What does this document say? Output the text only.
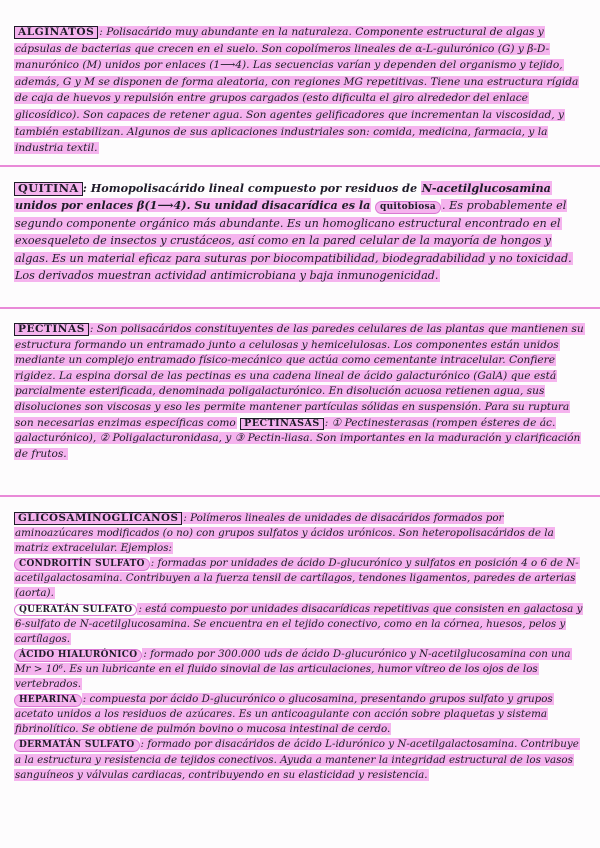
ALGINATOS : Polisacárido muy abundante en la naturaleza. Componente estructural de algas y cápsulas de bacterias que crecen en el suelo. Son copolímeros lineales de α-L-gulurónico (G) y β-D-manurónico (M) unidos por enlaces (1⟶4). Las secuencias varían y dependen del organismo y tejido, además, G y M se disponen de forma aleatoria, con regiones MG repetitivas. Tiene una estructura rígida de caja de huevos y repulsión entre grupos cargados (esto dificulta el giro alrededor del enlace glicosídico). Son capaces de retener agua. Son agentes gelificadores que incrementan la viscosidad, y también estabilizan. Algunos de sus aplicaciones industriales son: comida, medicina, farmacia, y la industria textil.
QUITINA : Homopolisacárido lineal compuesto por residuos de N-acetilglucosamina unidos por enlaces β(1⟶4). Su unidad disacarídica es la quitobiosa . Es probablemente el segundo componente orgánico más abundante. Es un homoglicano estructural encontrado en el exoesqueleto de insectos y crustáceos, así como en la pared celular de la mayoría de hongos y algas. Es un material eficaz para suturas por biocompatibilidad, biodegradabilidad y no toxicidad. Los derivados muestran actividad antimicrobiana y baja inmunogenicidad.
PECTINAS : Son polisacáridos constituyentes de las paredes celulares de las plantas que mantienen su estructura formando un entramado junto a celulosas y hemicelulosas. Los componentes están unidos mediante un complejo entramado físico-mecánico que actúa como cementante intracelular. Confiere rigidez. La espina dorsal de las pectinas es una cadena lineal de ácido galacturónico (GalA) que está parcialmente esterificada, denominada poligalacturónico. En disolución acuosa retienen agua, sus disoluciones son viscosas y eso les permite mantener partículas sólidas en suspensión. Para su ruptura son necesarias enzimas específicas como PECTINASAS : ① Pectinesterasas (rompen ésteres de ác. galacturónico), ② Poligalacturonidasa, y ③ Pectin-liasa. Son importantes en la maduración y clarificación de frutos.
GLICOSAMINOGLICANOS : Polímeros lineales de unidades de disacáridos formados por aminoazúcares modificados (o no) con grupos sulfatos y ácidos urónicos. Son heteropolisacáridos de la matriz extracelular. Ejemplos:
CONDROITÍN SULFATO : formadas por unidades de ácido D-glucurónico y sulfatos en posición 4 o 6 de N-acetilgalactosamina. Contribuyen a la fuerza tensil de cartílagos, tendones ligamentos, paredes de arterias (aorta).
QUERATÁN SULFATO : está compuesto por unidades disacarídicas repetitivas que consisten en galactosa y 6-sulfato de N-acetilglucosamina. Se encuentra en el tejido conectivo, como en la córnea, huesos, pelos y cartílagos.
ÁCIDO HIALURÓNICO : formado por 300.000 uds de ácido D-glucurónico y N-acetilglucosamina con una Mr > 10⁶. Es un lubricante en el fluido sinovial de las articulaciones, humor vítreo de los ojos de los vertebrados.
HEPARINA : compuesta por ácido D-glucurónico o glucosamina, presentando grupos sulfato y grupos acetato unidos a los residuos de azúcares. Es un anticoagulante con acción sobre plaquetas y sistema fibrinolítico. Se obtiene de pulmón bovino o mucosa intestinal de cerdo.
DERMATÁN SULFATO : formado por disacáridos de ácido L-idurónico y N-acetilgalactosamina. Contribuye a la estructura y resistencia de tejidos conectivos. Ayuda a mantener la integridad estructural de los vasos sanguíneos y válvulas cardiacas, contribuyendo en su elasticidad y resistencia.
